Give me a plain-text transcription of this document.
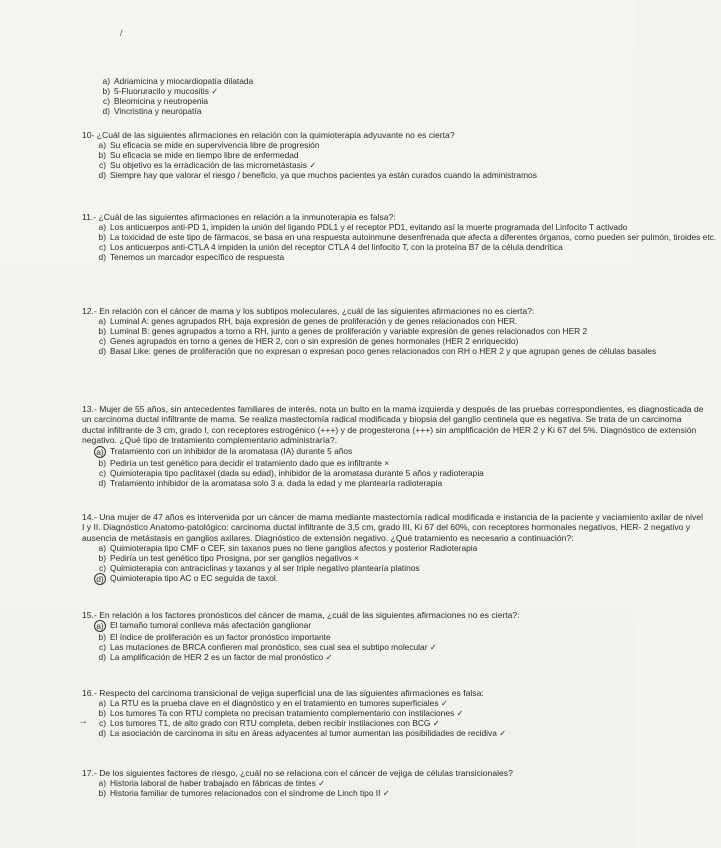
/
a) Adriamicina y miocardiopatía dilatada
b) 5-Fluoruracilo y mucositis ✓
c) Bleomicina y neutropenia
d) Vincristina y neuropatía

10- ¿Cuál de las siguientes afirmaciones en relación con la quimioterapia adyuvante no es cierta?

a) Su eficacia se mide en supervivencia libre de progresión
b) Su eficacia se mide en tiempo libre de enfermedad
c) Su objetivo es la erradicación de las micrometástasis ✓
d) Siempre hay que valorar el riesgo / beneficio, ya que muchos pacientes ya están curados cuando la administramos

11.- ¿Cuál de las siguientes afirmaciones en relación a la inmunoterapia es falsa?:

a) Los anticuerpos anti-PD 1, impiden la unión del ligando PDL1 y el receptor PD1, evitando así la muerte programada del Linfocito T activado
b) La toxicidad de este tipo de fármacos, se basa en una respuesta autoinmune desenfrenada que afecta a diferentes órganos, como pueden ser pulmón, tiroides etc.
c) Los anticuerpos anti-CTLA 4 impiden la unión del receptor CTLA 4 del linfocito T, con la proteína B7 de la célula dendrítica
d) Tenemos un marcador específico de respuesta

12.- En relación con el cáncer de mama y los subtipos moleculares, ¿cuál de las siguientes afirmaciones no es cierta?:

a) Luminal A: genes agrupados RH, baja expresión de genes de proliferación y de genes relacionados con HER.
b) Luminal B: genes agrupados a torno a RH, junto a genes de proliferación y variable expresión de genes relacionados con HER 2
c) Genes agrupados en torno a genes de HER 2, con o sin expresión de genes hormonales (HER 2 enriquecido)
d) Basal Like: genes de proliferación que no expresan o expresan poco genes relacionados con RH o HER 2 y que agrupan genes de células basales

13.- Mujer de 55 años, sin antecedentes familiares de interés, nota un bulto en la mama izquierda y después de las pruebas correspondientes, es diagnosticada de un carcinoma ductal infiltrante de mama. Se realiza mastectomía radical modificada y biopsia del ganglio centinela que es negativa. Se trata de un carcinoma ductal infiltrante de 3 cm, grado I, con receptores estrogénico (+++) y de progesterona (+++) sin amplificación de HER 2 y Ki 67 del 5%. Diagnóstico de extensión negativo. ¿Qué tipo de tratamiento complementario administraría?.

a) Tratamiento con un inhibidor de la aromatasa (IA) durante 5 años
b) Pediría un test genético para decidir el tratamiento dado que es infiltrante ×
c) Quimioterapia tipo paclitaxel (dada su edad), inhibidor de la aromatasa durante 5 años y radioterapia
d) Tratamiento inhibidor de la aromatasa solo 3 a. dada la edad y me plantearía radioterapia

14.- Una mujer de 47 años es intervenida por un cáncer de mama mediante mastectomía radical modificada e instancia de la paciente y vaciamiento axilar de nivel I y II. Diagnóstico Anatomo-patológico: carcinoma ductal infiltrante de 3,5 cm, grado III, Ki 67 del 60%, con receptores hormonales negativos, HER- 2 negativo y ausencia de metástasis en ganglios axilares. Diagnóstico de extensión negativo. ¿Qué tratamiento es necesario a continuación?:

a) Quimioterapia tipo CMF o CEF, sin taxanos pues no tiene ganglios afectos y posterior Radioterapia
b) Pediría un test genético tipo Prosigna, por ser ganglios negativos ×
c) Quimioterapia con antraciclinas y taxanos y al ser triple negativo plantearía platinos
d) Quimioterapia tipo AC o EC seguida de taxol.

15.- En relación a los factores pronósticos del cáncer de mama, ¿cuál de las siguientes afirmaciones no es cierta?:

a) El tamaño tumoral conlleva más afectación ganglionar
b) El índice de proliferación es un factor pronóstico importante
c) Las mutaciones de BRCA confieren mal pronóstico, sea cual sea el subtipo molecular ✓
d) La amplificación de HER 2 es un factor de mal pronóstico ✓

16.- Respecto del carcinoma transicional de vejiga superficial una de las siguientes afirmaciones es falsa:

a) La RTU es la prueba clave en el diagnóstico y en el tratamiento en tumores superficiales ✓
b) Los tumores Ta con RTU completa no precisan tratamiento complementario con instilaciones ✓
c) Los tumores T1, de alto grado con RTU completa, deben recibir instilaciones con BCG ✓
→
d) La asociación de carcinoma in situ en áreas adyacentes al tumor aumentan las posibilidades de recidiva ✓

17.- De los siguientes factores de riesgo, ¿cuál no se relaciona con el cáncer de vejiga de células transicionales?

a) Historia laboral de haber trabajado en fábricas de tintes ✓
b) Historia familiar de tumores relacionados con el síndrome de Linch tipo II ✓
